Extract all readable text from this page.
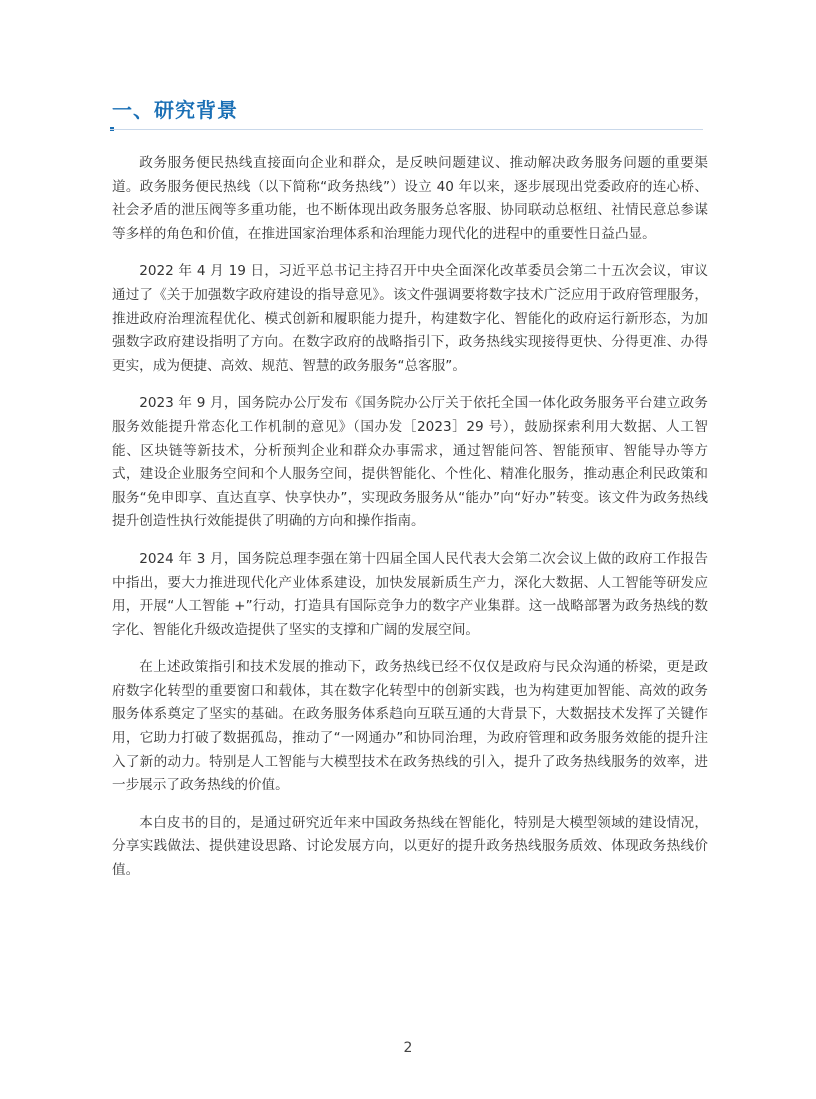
一、研究背景

政务服务便民热线直接面向企业和群众，是反映问题建议、推动解决政务服务问题的重要渠道。政务服务便民热线（以下简称“政务热线”）设立 40 年以来，逐步展现出党委政府的连心桥、社会矛盾的泄压阀等多重功能，也不断体现出政务服务总客服、协同联动总枢纽、社情民意总参谋等多样的角色和价值，在推进国家治理体系和治理能力现代化的进程中的重要性日益凸显。

2022 年 4 月 19 日，习近平总书记主持召开中央全面深化改革委员会第二十五次会议，审议通过了《关于加强数字政府建设的指导意见》。该文件强调要将数字技术广泛应用于政府管理服务，推进政府治理流程优化、模式创新和履职能力提升，构建数字化、智能化的政府运行新形态，为加强数字政府建设指明了方向。在数字政府的战略指引下，政务热线实现接得更快、分得更准、办得更实，成为便捷、高效、规范、智慧的政务服务“总客服”。

2023 年 9 月，国务院办公厅发布《国务院办公厅关于依托全国一体化政务服务平台建立政务服务效能提升常态化工作机制的意见》（国办发［2023］29 号），鼓励探索利用大数据、人工智能、区块链等新技术，分析预判企业和群众办事需求，通过智能问答、智能预审、智能导办等方式，建设企业服务空间和个人服务空间，提供智能化、个性化、精准化服务，推动惠企利民政策和服务“免申即享、直达直享、快享快办”，实现政务服务从“能办”向“好办”转变。该文件为政务热线提升创造性执行效能提供了明确的方向和操作指南。

2024 年 3 月，国务院总理李强在第十四届全国人民代表大会第二次会议上做的政府工作报告中指出，要大力推进现代化产业体系建设，加快发展新质生产力，深化大数据、人工智能等研发应用，开展“人工智能 +”行动，打造具有国际竞争力的数字产业集群。这一战略部署为政务热线的数字化、智能化升级改造提供了坚实的支撑和广阔的发展空间。

在上述政策指引和技术发展的推动下，政务热线已经不仅仅是政府与民众沟通的桥梁，更是政府数字化转型的重要窗口和载体，其在数字化转型中的创新实践，也为构建更加智能、高效的政务服务体系奠定了坚实的基础。在政务服务体系趋向互联互通的大背景下，大数据技术发挥了关键作用，它助力打破了数据孤岛，推动了“一网通办”和协同治理，为政府管理和政务服务效能的提升注入了新的动力。特别是人工智能与大模型技术在政务热线的引入，提升了政务热线服务的效率，进一步展示了政务热线的价值。

本白皮书的目的，是通过研究近年来中国政务热线在智能化，特别是大模型领域的建设情况，分享实践做法、提供建设思路、讨论发展方向，以更好的提升政务热线服务质效、体现政务热线价值。

2
